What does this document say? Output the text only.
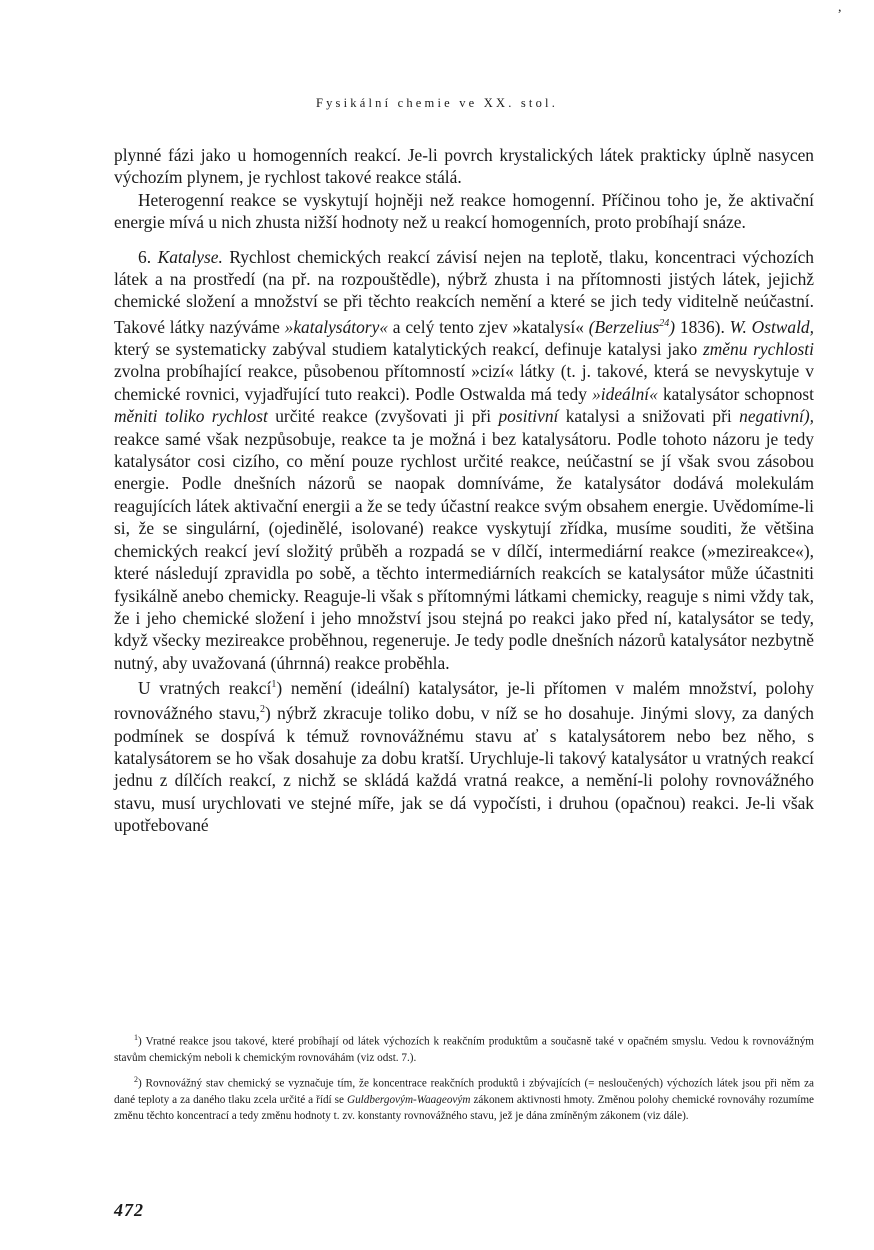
,
Fysikální chemie ve XX. stol.

plynné fázi jako u homogenních reakcí. Je-li povrch krystalických látek prakticky úplně nasycen výchozím plynem, je rychlost takové reakce stálá.

Heterogenní reakce se vyskytují hojněji než reakce homogenní. Příčinou toho je, že aktivační energie mívá u nich zhusta nižší hodnoty než u reakcí homogenních, proto probíhají snáze.

6. Katalyse. Rychlost chemických reakcí závisí nejen na teplotě, tlaku, koncentraci výchozích látek a na prostředí (na př. na rozpouštědle), nýbrž zhusta i na přítomnosti jistých látek, jejichž chemické složení a množství se při těchto reakcích nemění a které se jich tedy viditelně neúčastní. Takové látky nazýváme »katalysátory« a celý tento zjev »katalysí« (Berzelius$^{24}$) 1836). W. Ostwald, který se systematicky zabýval studiem katalytických reakcí, definuje katalysi jako změnu rychlosti zvolna probíhající reakce, působenou přítomností »cizí« látky (t. j. takové, která se nevyskytuje v chemické rovnici, vyjadřující tuto reakci). Podle Ostwalda má tedy »ideální« katalysátor schopnost měniti toliko rychlost určité reakce (zvyšovati ji při positivní katalysi a snižovati při negativní), reakce samé však nezpůsobuje, reakce ta je možná i bez katalysátoru. Podle tohoto názoru je tedy katalysátor cosi cizího, co mění pouze rychlost určité reakce, neúčastní se jí však svou zásobou energie. Podle dnešních názorů se naopak domníváme, že katalysátor dodává molekulám reagujících látek aktivační energii a že se tedy účastní reakce svým obsahem energie. Uvědomíme-li si, že se singulární, (ojedinělé, isolované) reakce vyskytují zřídka, musíme souditi, že většina chemických reakcí jeví složitý průběh a rozpadá se v dílčí, intermediární reakce (»mezireakce«), které následují zpravidla po sobě, a těchto intermediárních reakcích se katalysátor může účastniti fysikálně anebo chemicky. Reaguje-li však s přítomnými látkami chemicky, reaguje s nimi vždy tak, že i jeho chemické složení i jeho množství jsou stejná po reakci jako před ní, katalysátor se tedy, když všecky mezireakce proběhnou, regeneruje. Je tedy podle dnešních názorů katalysátor nezbytně nutný, aby uvažovaná (úhrnná) reakce proběhla.

U vratných reakcí$^1$) nemění (ideální) katalysátor, je-li přítomen v malém množství, polohy rovnovážného stavu,$^2$) nýbrž zkracuje toliko dobu, v níž se ho dosahuje. Jinými slovy, za daných podmínek se dospívá k témuž rovnovážnému stavu ať s katalysátorem nebo bez něho, s katalysátorem se ho však dosahuje za dobu kratší. Urychluje-li takový katalysátor u vratných reakcí jednu z dílčích reakcí, z nichž se skládá každá vratná reakce, a nemění-li polohy rovnovážného stavu, musí urychlovati ve stejné míře, jak se dá vypočísti, i druhou (opačnou) reakci. Je-li však upotřebované

$^1$) Vratné reakce jsou takové, které probíhají od látek výchozích k reakčním produktům a současně také v opačném smyslu. Vedou k rovnovážným stavům chemickým neboli k chemickým rovnováhám (viz odst. 7.).

$^2$) Rovnovážný stav chemický se vyznačuje tím, že koncentrace reakčních produktů i zbývajících (= nesloučených) výchozích látek jsou při něm za dané teploty a za daného tlaku zcela určité a řídí se Guldbergovým-Waageovým zákonem aktivnosti hmoty. Změnou polohy chemické rovnováhy rozumíme změnu těchto koncentrací a tedy změnu hodnoty t. zv. konstanty rovnovážného stavu, jež je dána zmíněným zákonem (viz dále).

472
